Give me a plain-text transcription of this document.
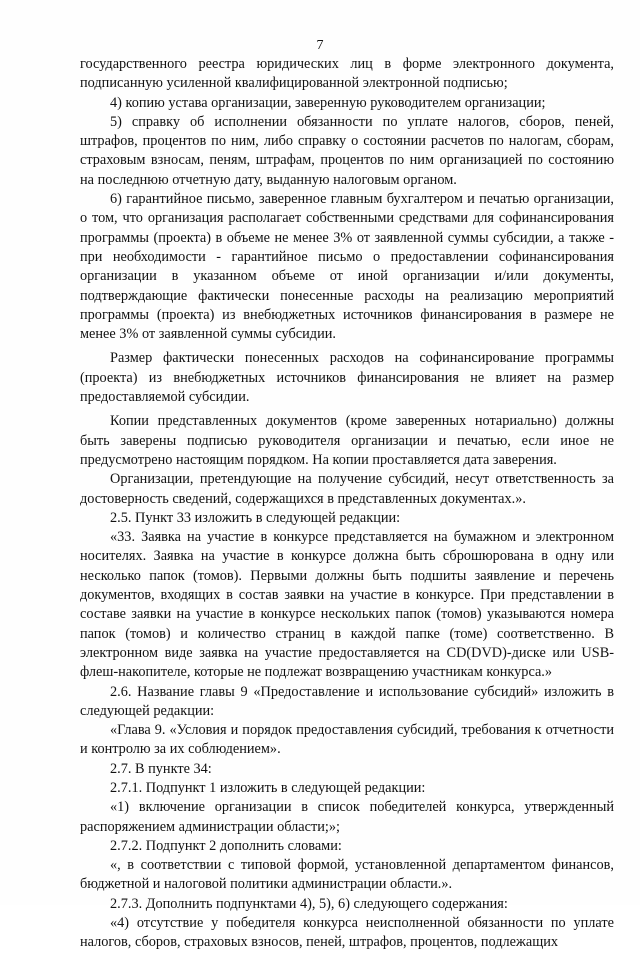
7

государственного реестра юридических лиц в форме электронного документа, подписанную усиленной квалифицированной электронной подписью;

4) копию устава организации, заверенную руководителем организации;

5) справку об исполнении обязанности по уплате налогов, сборов, пеней, штрафов, процентов по ним, либо справку о состоянии расчетов по налогам, сборам, страховым взносам, пеням, штрафам, процентов по ним организацией по состоянию на последнюю отчетную дату, выданную налоговым органом.

6) гарантийное письмо, заверенное главным бухгалтером и печатью организации, о том, что организация располагает собственными средствами для софинансирования программы (проекта) в объеме не менее 3% от заявленной суммы субсидии, а также - при необходимости - гарантийное письмо о предоставлении софинансирования организации в указанном объеме от иной организации и/или документы, подтверждающие фактически понесенные расходы на реализацию мероприятий программы (проекта) из внебюджетных источников финансирования в размере не менее 3% от заявленной суммы субсидии.

Размер фактически понесенных расходов на софинансирование программы (проекта) из внебюджетных источников финансирования не влияет на размер предоставляемой субсидии.

Копии представленных документов (кроме заверенных нотариально) должны быть заверены подписью руководителя организации и печатью, если иное не предусмотрено настоящим порядком. На копии проставляется дата заверения.

Организации, претендующие на получение субсидий, несут ответственность за достоверность сведений, содержащихся в представленных документах.».

2.5. Пункт 33 изложить в следующей редакции:

«33. Заявка на участие в конкурсе представляется на бумажном и электронном носителях. Заявка на участие в конкурсе должна быть сброшюрована в одну или несколько папок (томов). Первыми должны быть подшиты заявление и перечень документов, входящих в состав заявки на участие в конкурсе. При представлении в составе заявки на участие в конкурсе нескольких папок (томов) указываются номера папок (томов) и количество страниц в каждой папке (томе) соответственно. В электронном виде заявка на участие предоставляется на CD(DVD)-диске или USB-флеш-накопителе, которые не подлежат возвращению участникам конкурса.»

2.6. Название главы 9 «Предоставление и использование субсидий» изложить в следующей редакции:

«Глава 9. «Условия и порядок предоставления субсидий, требования к отчетности и контролю за их соблюдением».

2.7. В пункте 34:

2.7.1. Подпункт 1 изложить в следующей редакции:

«1) включение организации в список победителей конкурса, утвержденный распоряжением администрации области;»;

2.7.2. Подпункт 2 дополнить словами:

«, в соответствии с типовой формой, установленной департаментом финансов, бюджетной и налоговой политики администрации области.».

2.7.3. Дополнить подпунктами 4), 5), 6) следующего содержания:

«4) отсутствие у победителя конкурса неисполненной обязанности по уплате налогов, сборов, страховых взносов, пеней, штрафов, процентов, подлежащих
